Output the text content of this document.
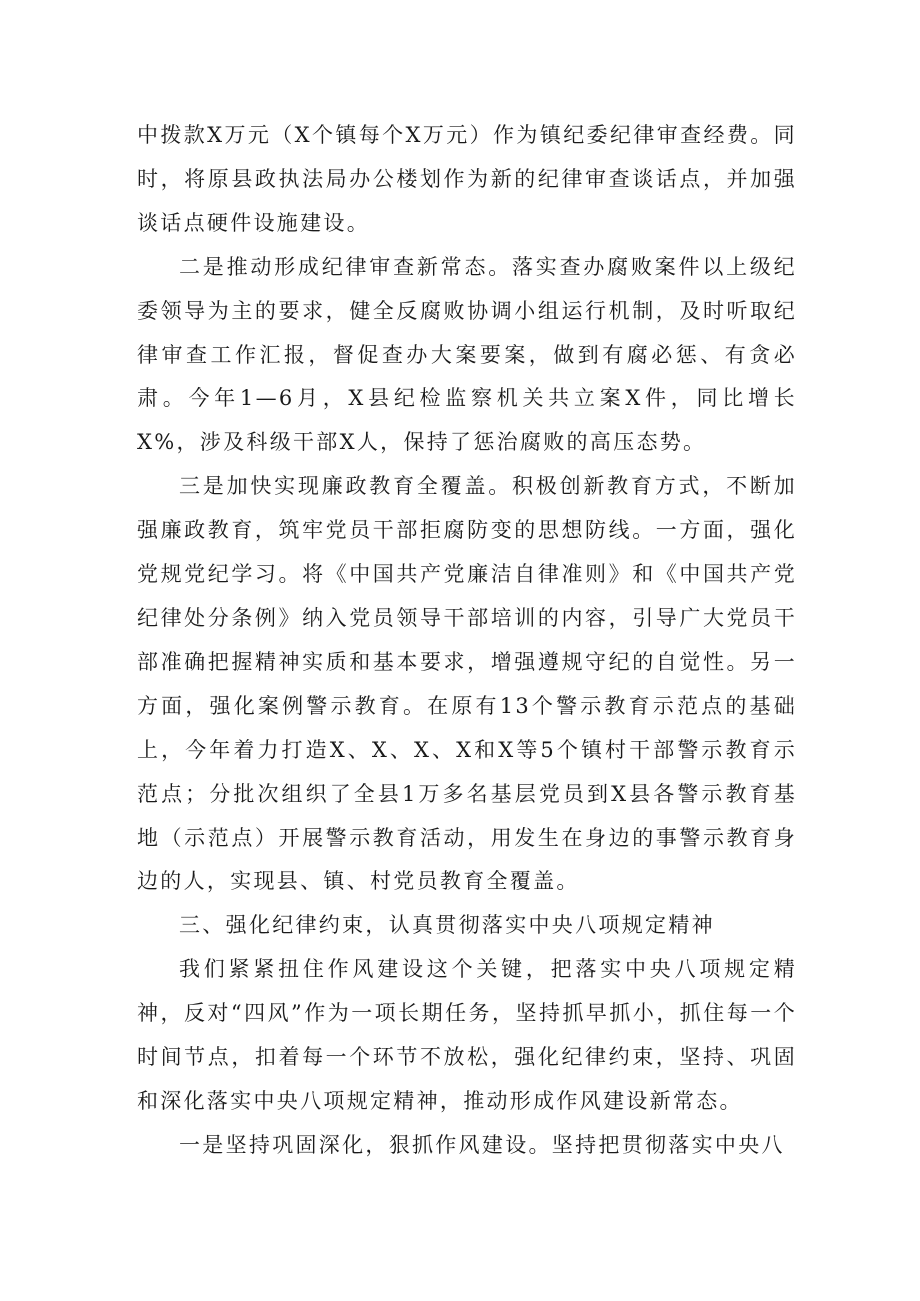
中拨款X万元（X个镇每个X万元）作为镇纪委纪律审查经费。同时，将原县政执法局办公楼划作为新的纪律审查谈话点，并加强谈话点硬件设施建设。

二是推动形成纪律审查新常态。落实查办腐败案件以上级纪委领导为主的要求，健全反腐败协调小组运行机制，及时听取纪律审查工作汇报，督促查办大案要案，做到有腐必惩、有贪必肃。今年1—6月，X县纪检监察机关共立案X件，同比增长X%，涉及科级干部X人，保持了惩治腐败的高压态势。

三是加快实现廉政教育全覆盖。积极创新教育方式，不断加强廉政教育，筑牢党员干部拒腐防变的思想防线。一方面，强化党规党纪学习。将《中国共产党廉洁自律准则》和《中国共产党纪律处分条例》纳入党员领导干部培训的内容，引导广大党员干部准确把握精神实质和基本要求，增强遵规守纪的自觉性。另一方面，强化案例警示教育。在原有13个警示教育示范点的基础上，今年着力打造X、X、X、X和X等5个镇村干部警示教育示范点；分批次组织了全县1万多名基层党员到X县各警示教育基地（示范点）开展警示教育活动，用发生在身边的事警示教育身边的人，实现县、镇、村党员教育全覆盖。

三、强化纪律约束，认真贯彻落实中央八项规定精神

我们紧紧扭住作风建设这个关键，把落实中央八项规定精神，反对“四风”作为一项长期任务，坚持抓早抓小，抓住每一个时间节点，扣着每一个环节不放松，强化纪律约束，坚持、巩固和深化落实中央八项规定精神，推动形成作风建设新常态。

一是坚持巩固深化，狠抓作风建设。坚持把贯彻落实中央八
